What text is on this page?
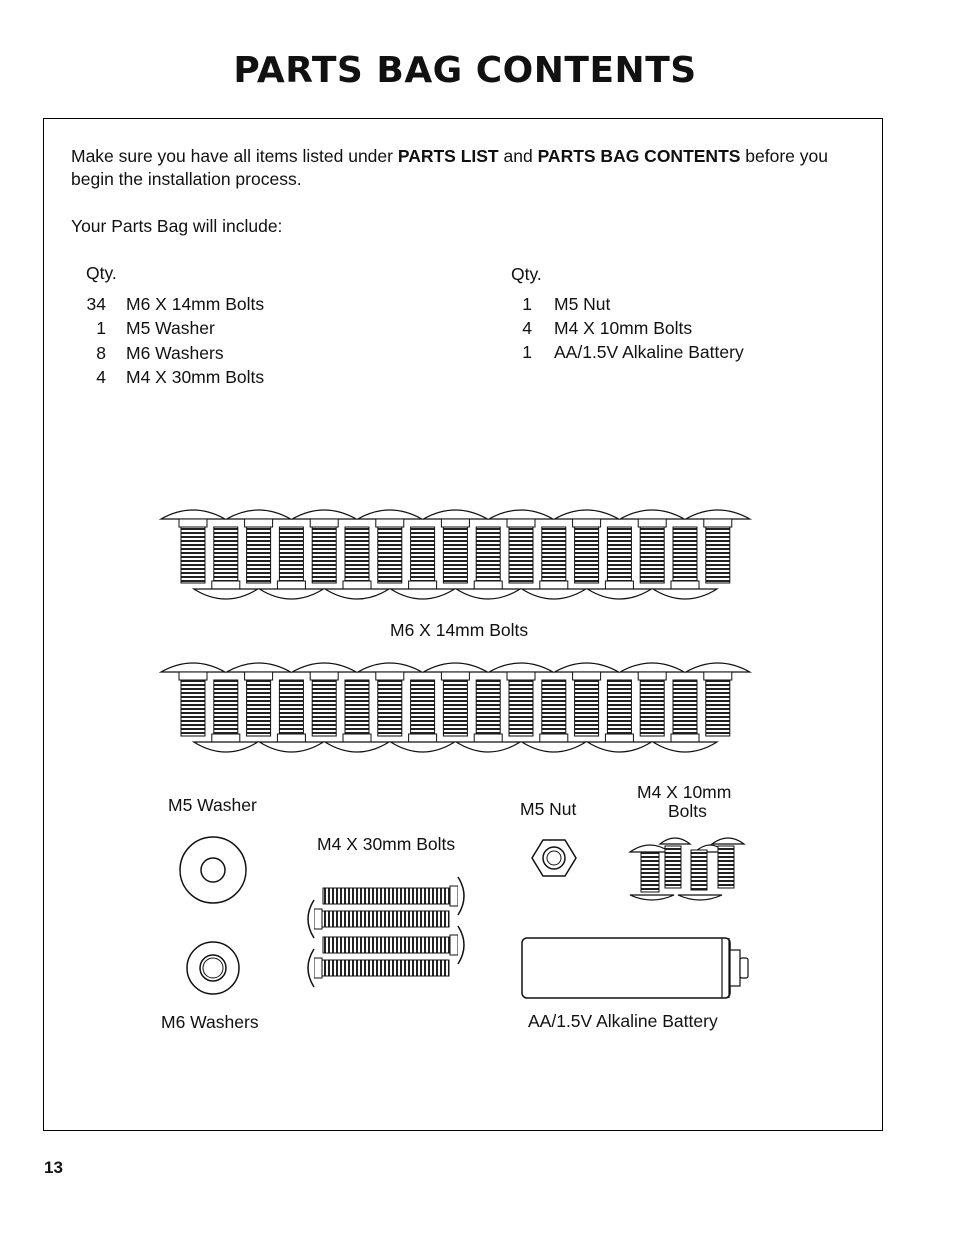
PARTS BAG CONTENTS
Make sure you have all items listed under PARTS LIST and PARTS BAG CONTENTS before you begin the installation process.
Your Parts Bag will include:
Qty.
34 M6 X 14mm Bolts
1 M5 Washer
8 M6 Washers
4 M4 X 30mm Bolts
Qty.
1 M5 Nut
4 M4 X 10mm Bolts
1 AA/1.5V Alkaline Battery
M6 X 14mm Bolts
M5 Washer
M4 X 30mm Bolts
M5 Nut
M4 X 10mm
Bolts
M6 Washers	AA/1.5V Alkaline Battery
13
